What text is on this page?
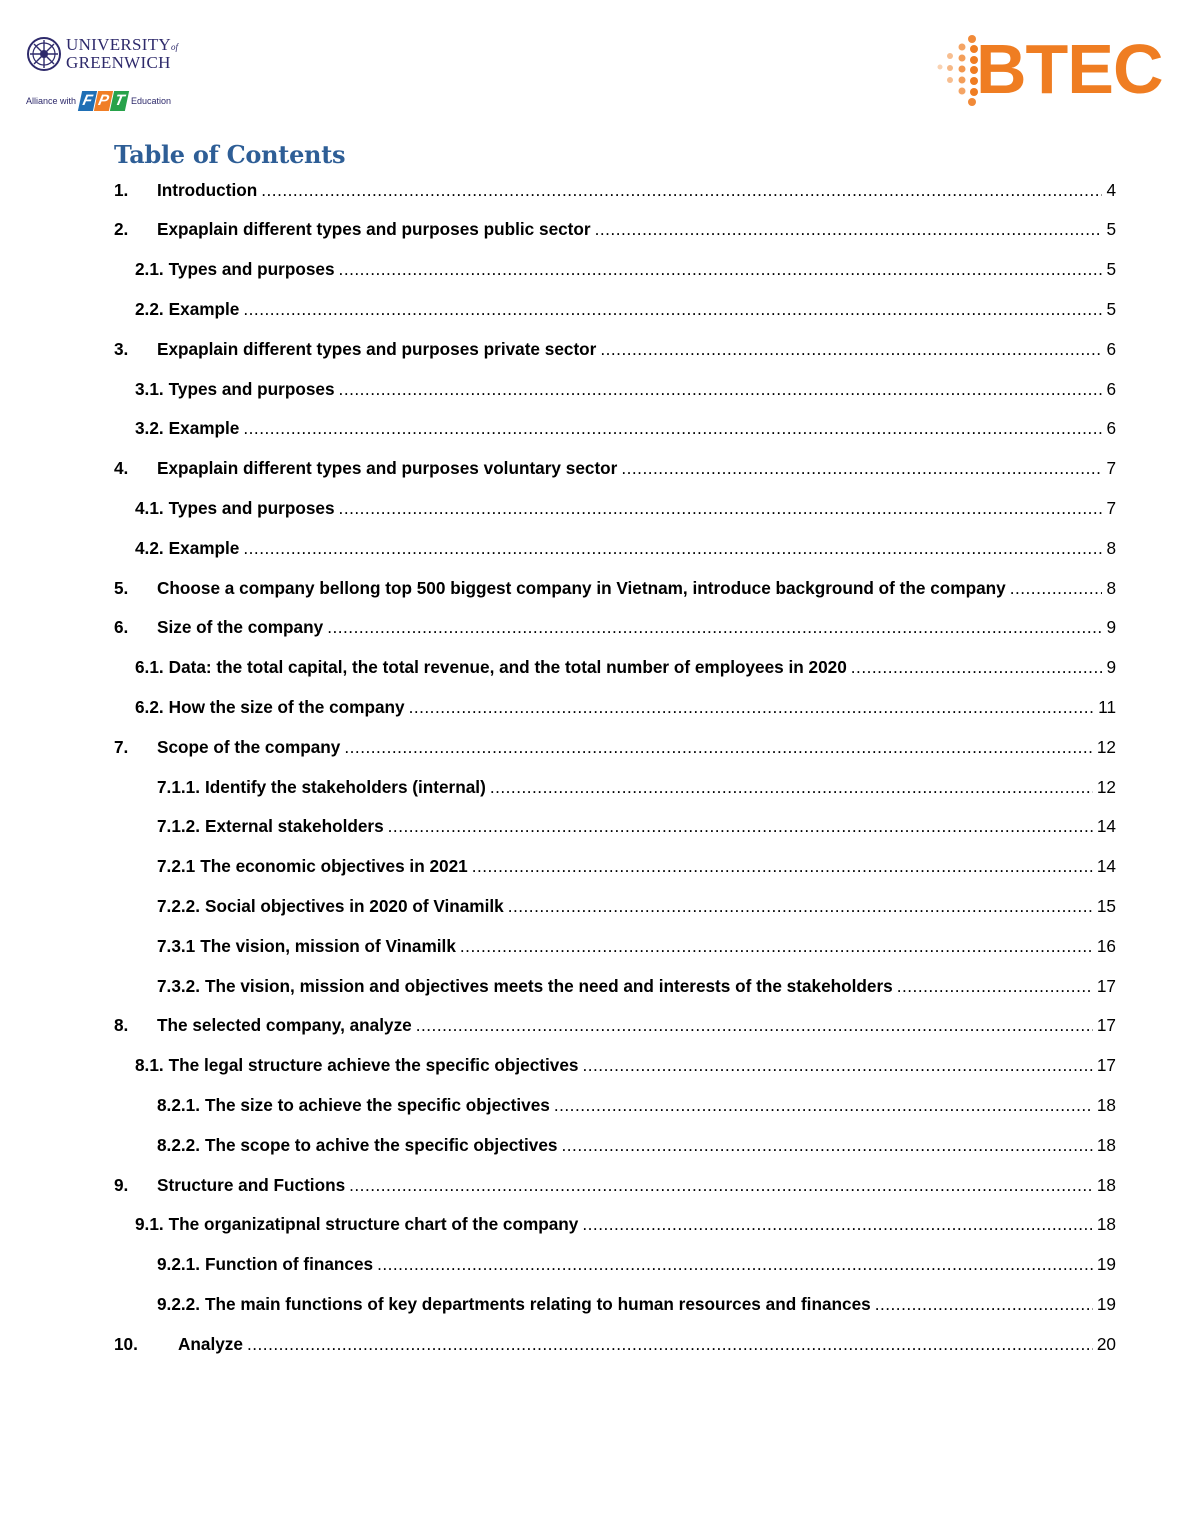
UNIVERSITYof
GREENWICH
Alliance with F P T Education	BTEC
Table of Contents
1.	Introduction .....	4
2.	Expaplain different types and purposes public sector .....	5
2.1. Types and purposes .....	5
2.2. Example .....	5
3.	Expaplain different types and purposes private sector .....	6
3.1. Types and purposes .....	6
3.2. Example .....	6
4.	Expaplain different types and purposes voluntary sector .....	7
4.1. Types and purposes .....	7
4.2. Example .....	8
5.	Choose a company bellong top 500 biggest company in Vietnam, introduce background of the company .....	8
6.	Size of the company .....	9
6.1. Data: the total capital, the total revenue, and the total number of employees in 2020 .....	9
6.2. How the size of the company .....	11
7.	Scope of the company .....	12
7.1.1. Identify the stakeholders (internal) .....	12
7.1.2. External stakeholders .....	14
7.2.1 The economic objectives in 2021 .....	14
7.2.2. Social objectives in 2020 of Vinamilk .....	15
7.3.1 The vision, mission of Vinamilk .....	16
7.3.2. The vision, mission and objectives meets the need and interests of the stakeholders .....	17
8.	The selected company, analyze .....	17
8.1. The legal structure achieve the specific objectives .....	17
8.2.1. The size to achieve the specific objectives .....	18
8.2.2. The scope to achive the specific objectives .....	18
9.	Structure and Fuctions .....	18
9.1. The organizatipnal structure chart of the company .....	18
9.2.1. Function of finances .....	19
9.2.2. The main functions of key departments relating to human resources and finances .....	19
10.	Analyze .....	20
